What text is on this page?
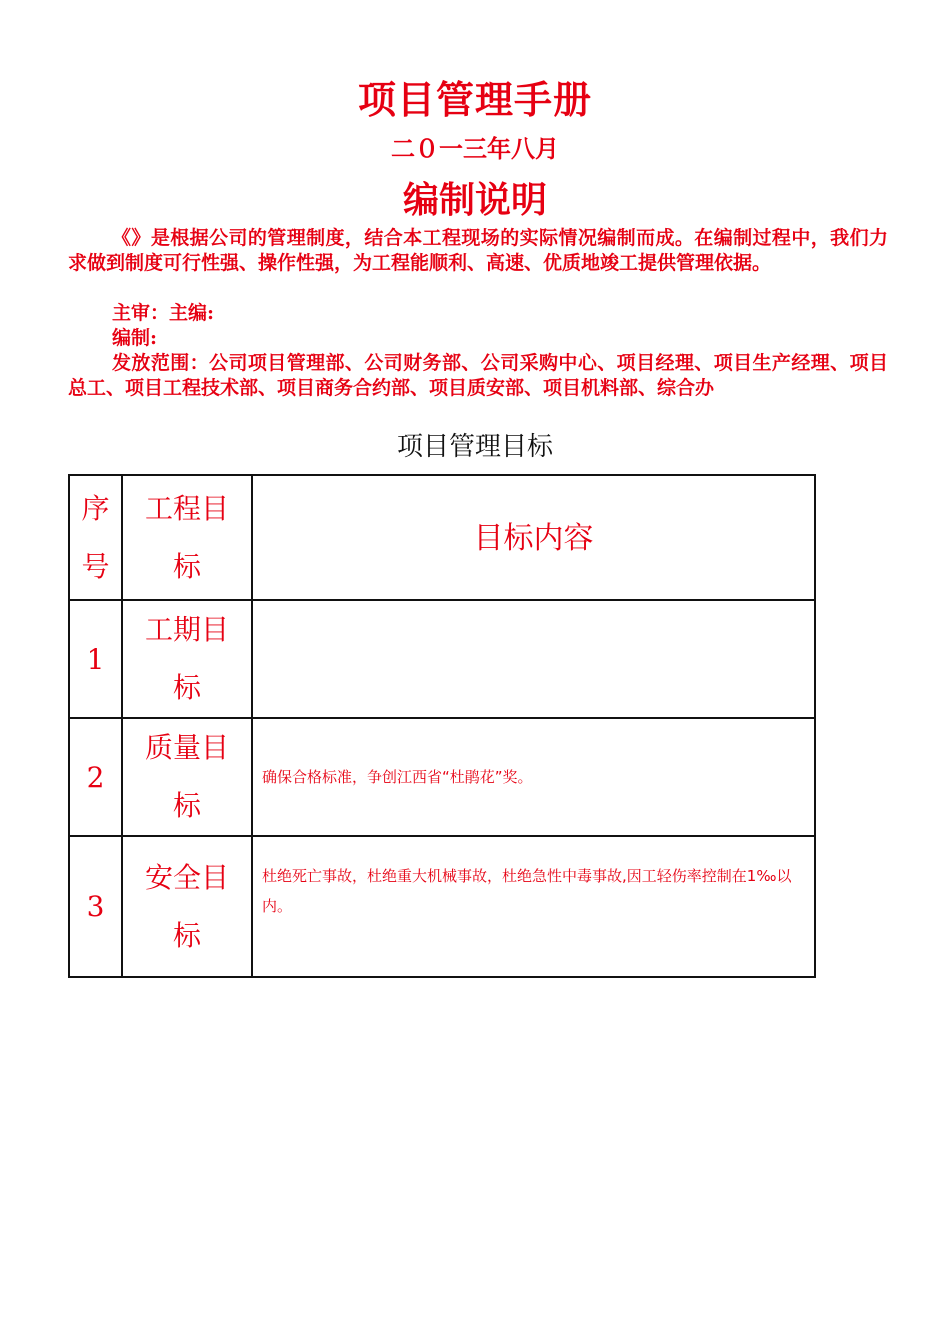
项目管理手册
二０一三年八月
编制说明
《》是根据公司的管理制度，结合本工程现场的实际情况编制而成。在编制过程中，我们力求做到制度可行性强、操作性强，为工程能顺利、高速、优质地竣工提供管理依据。
主审：主编:
编制:
发放范围：公司项目管理部、公司财务部、公司采购中心、项目经理、项目生产经理、项目总工、项目工程技术部、项目商务合约部、项目质安部、项目机料部、综合办
项目管理目标
序号	工程目标	目标内容
1	工期目标	

2	质量目标	确保合格标准，争创江西省“杜鹃花”奖。
3	安全目标	杜绝死亡事故，杜绝重大机械事故，杜绝急性中毒事故,因工轻伤率控制在1‰以内。
